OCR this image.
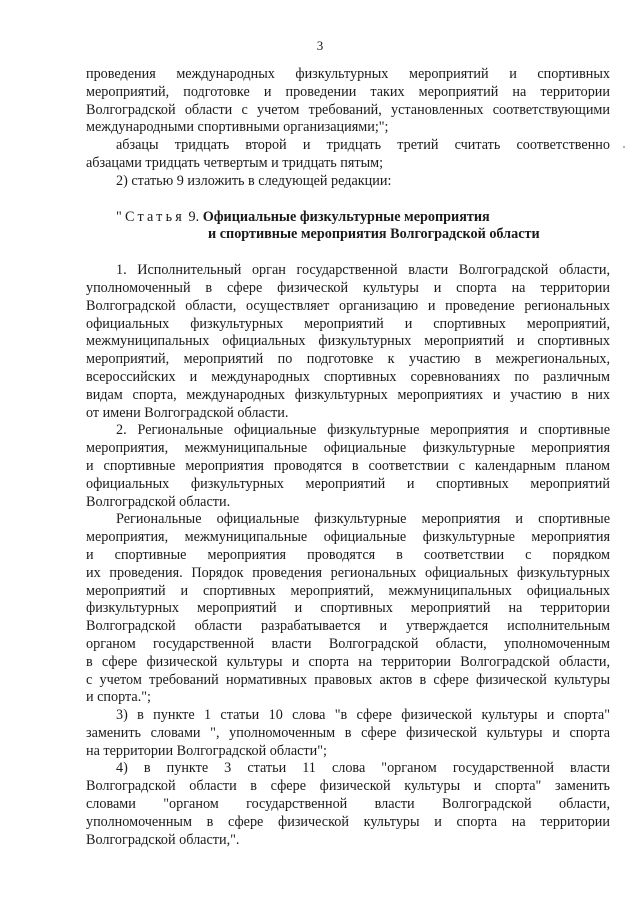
3
проведения международных физкультурных мероприятий и спортивных
мероприятий, подготовке и проведении таких мероприятий на территории
Волгоградской области с учетом требований, установленных соответствующими
международными спортивными организациями;";
абзацы тридцать второй и тридцать третий считать соответственно
абзацами тридцать четвертым и тридцать пятым;
2) статью 9 изложить в следующей редакции:
"Статья 9. Официальные физкультурные мероприятия
и спортивные мероприятия Волгоградской области
1. Исполнительный орган государственной власти Волгоградской области,
уполномоченный в сфере физической культуры и спорта на территории
Волгоградской области, осуществляет организацию и проведение региональных
официальных физкультурных мероприятий и спортивных мероприятий,
межмуниципальных официальных физкультурных мероприятий и спортивных
мероприятий, мероприятий по подготовке к участию в межрегиональных,
всероссийских и международных спортивных соревнованиях по различным
видам спорта, международных физкультурных мероприятиях и участию в них
от имени Волгоградской области.
2. Региональные официальные физкультурные мероприятия и спортивные
мероприятия, межмуниципальные официальные физкультурные мероприятия
и спортивные мероприятия проводятся в соответствии с календарным планом
официальных физкультурных мероприятий и спортивных мероприятий
Волгоградской области.
Региональные официальные физкультурные мероприятия и спортивные
мероприятия, межмуниципальные официальные физкультурные мероприятия
и спортивные мероприятия проводятся в соответствии с порядком
их проведения. Порядок проведения региональных официальных физкультурных
мероприятий и спортивных мероприятий, межмуниципальных официальных
физкультурных мероприятий и спортивных мероприятий на территории
Волгоградской области разрабатывается и утверждается исполнительным
органом государственной власти Волгоградской области, уполномоченным
в сфере физической культуры и спорта на территории Волгоградской области,
с учетом требований нормативных правовых актов в сфере физической культуры
и спорта.";
3) в пункте 1 статьи 10 слова "в сфере физической культуры и спорта"
заменить словами ", уполномоченным в сфере физической культуры и спорта
на территории Волгоградской области";
4) в пункте 3 статьи 11 слова "органом государственной власти
Волгоградской области в сфере физической культуры и спорта" заменить
словами "органом государственной власти Волгоградской области,
уполномоченным в сфере физической культуры и спорта на территории
Волгоградской области,".
